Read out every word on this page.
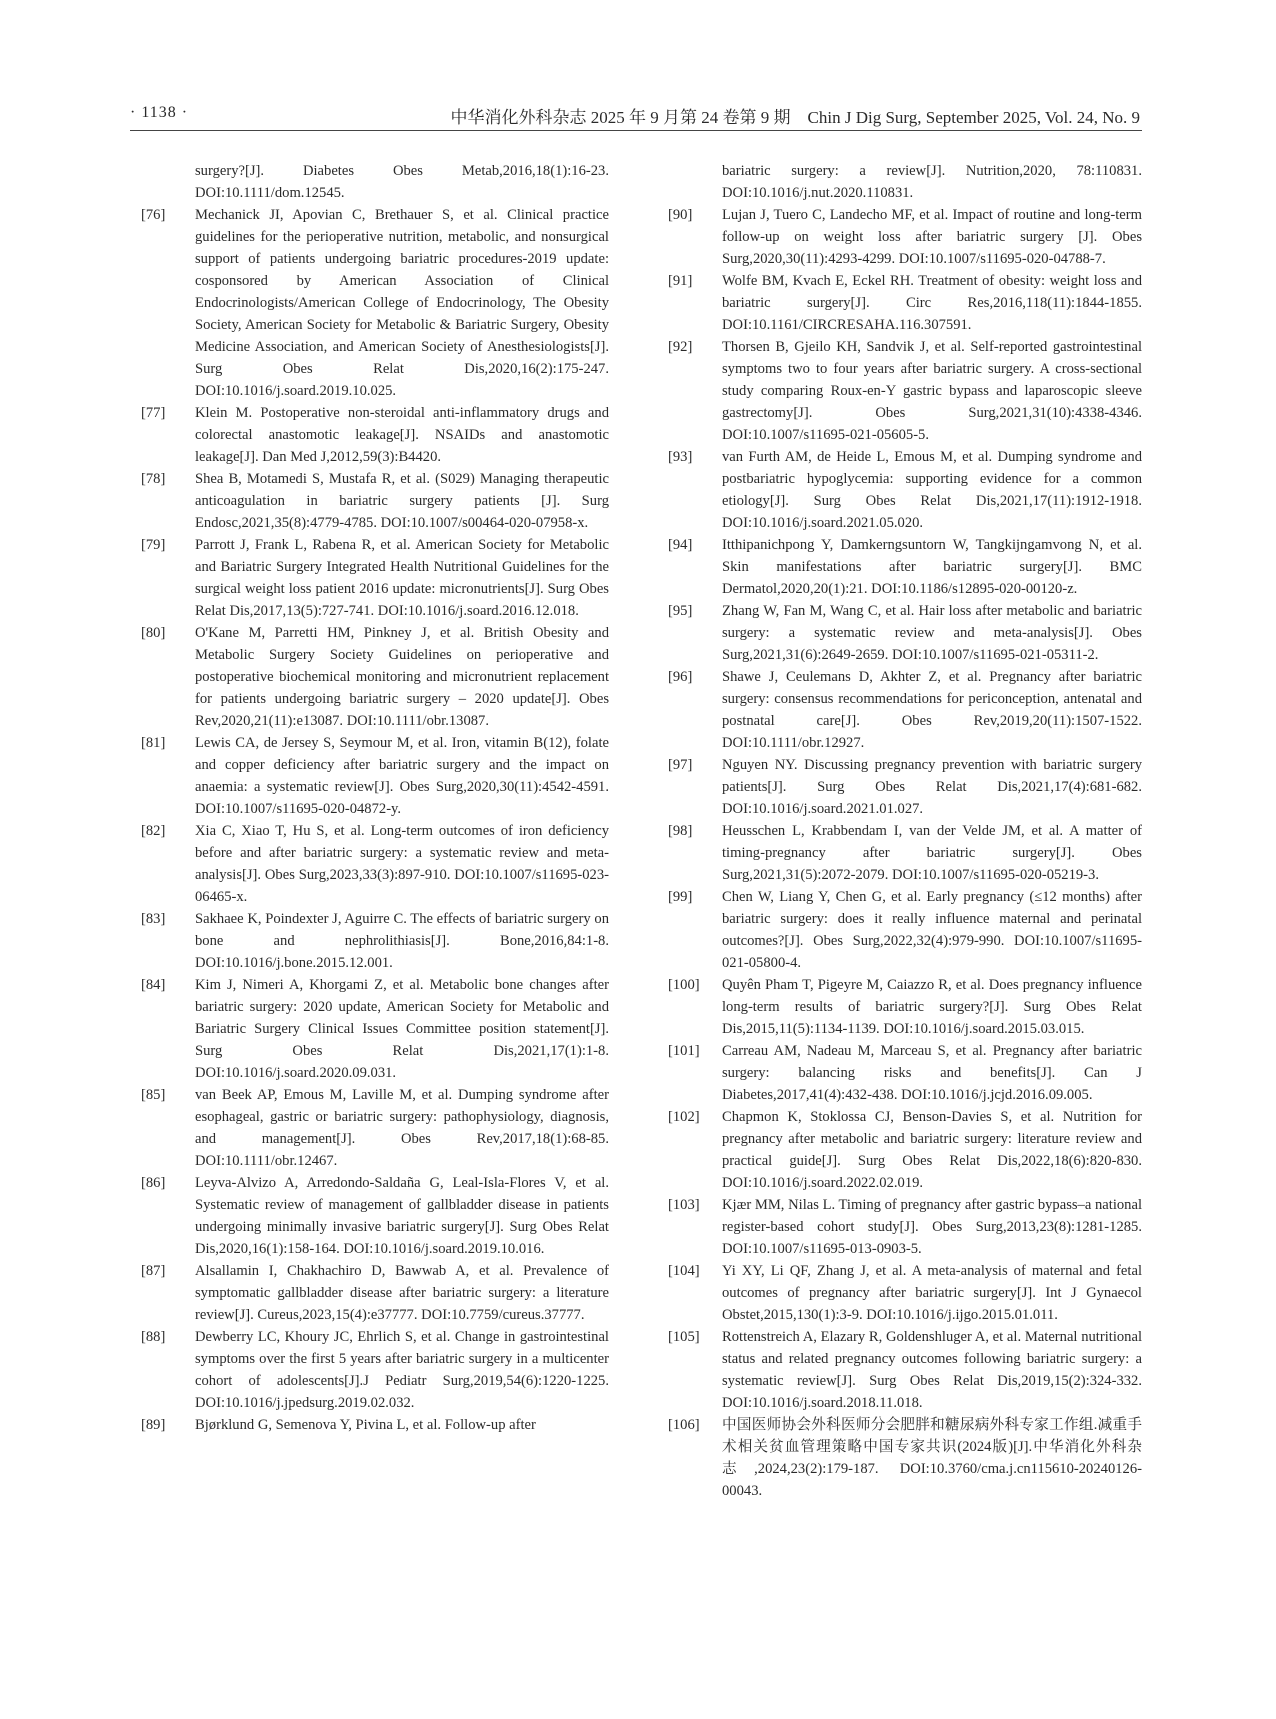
· 1138 ·	中华消化外科杂志 2025 年 9 月第 24 卷第 9 期　Chin J Dig Surg, September 2025, Vol. 24, No. 9
surgery?[J]. Diabetes Obes Metab,2016,18(1):16-23. DOI:10.1111/dom.12545.
[76] Mechanick JI, Apovian C, Brethauer S, et al. Clinical practice guidelines for the perioperative nutrition, metabolic, and nonsurgical support of patients undergoing bariatric procedures-2019 update: cosponsored by American Association of Clinical Endocrinologists/American College of Endocrinology, The Obesity Society, American Society for Metabolic & Bariatric Surgery, Obesity Medicine Association, and American Society of Anesthesiologists[J]. Surg Obes Relat Dis,2020,16(2):175-247. DOI:10.1016/j.soard.2019.10.025.
[77] Klein M. Postoperative non-steroidal anti-inflammatory drugs and colorectal anastomotic leakage[J]. NSAIDs and anastomotic leakage[J]. Dan Med J,2012,59(3):B4420.
[78] Shea B, Motamedi S, Mustafa R, et al. (S029) Managing therapeutic anticoagulation in bariatric surgery patients [J]. Surg Endosc,2021,35(8):4779-4785. DOI:10.1007/s00464-020-07958-x.
[79] Parrott J, Frank L, Rabena R, et al. American Society for Metabolic and Bariatric Surgery Integrated Health Nutritional Guidelines for the surgical weight loss patient 2016 update: micronutrients[J]. Surg Obes Relat Dis,2017,13(5):727-741. DOI:10.1016/j.soard.2016.12.018.
[80] O'Kane M, Parretti HM, Pinkney J, et al. British Obesity and Metabolic Surgery Society Guidelines on perioperative and postoperative biochemical monitoring and micronutrient replacement for patients undergoing bariatric surgery – 2020 update[J]. Obes Rev,2020,21(11):e13087. DOI:10.1111/obr.13087.
[81] Lewis CA, de Jersey S, Seymour M, et al. Iron, vitamin B(12), folate and copper deficiency after bariatric surgery and the impact on anaemia: a systematic review[J]. Obes Surg,2020,30(11):4542-4591. DOI:10.1007/s11695-020-04872-y.
[82] Xia C, Xiao T, Hu S, et al. Long-term outcomes of iron deficiency before and after bariatric surgery: a systematic review and meta-analysis[J]. Obes Surg,2023,33(3):897-910. DOI:10.1007/s11695-023-06465-x.
[83] Sakhaee K, Poindexter J, Aguirre C. The effects of bariatric surgery on bone and nephrolithiasis[J]. Bone,2016,84:1-8. DOI:10.1016/j.bone.2015.12.001.
[84] Kim J, Nimeri A, Khorgami Z, et al. Metabolic bone changes after bariatric surgery: 2020 update, American Society for Metabolic and Bariatric Surgery Clinical Issues Committee position statement[J]. Surg Obes Relat Dis,2021,17(1):1-8. DOI:10.1016/j.soard.2020.09.031.
[85] van Beek AP, Emous M, Laville M, et al. Dumping syndrome after esophageal, gastric or bariatric surgery: pathophysiology, diagnosis, and management[J]. Obes Rev,2017,18(1):68-85. DOI:10.1111/obr.12467.
[86] Leyva-Alvizo A, Arredondo-Saldaña G, Leal-Isla-Flores V, et al. Systematic review of management of gallbladder disease in patients undergoing minimally invasive bariatric surgery[J]. Surg Obes Relat Dis,2020,16(1):158-164. DOI:10.1016/j.soard.2019.10.016.
[87] Alsallamin I, Chakhachiro D, Bawwab A, et al. Prevalence of symptomatic gallbladder disease after bariatric surgery: a literature review[J]. Cureus,2023,15(4):e37777. DOI:10.7759/cureus.37777.
[88] Dewberry LC, Khoury JC, Ehrlich S, et al. Change in gastrointestinal symptoms over the first 5 years after bariatric surgery in a multicenter cohort of adolescents[J].J Pediatr Surg,2019,54(6):1220-1225. DOI:10.1016/j.jpedsurg.2019.02.032.
[89] Bjørklund G, Semenova Y, Pivina L, et al. Follow-up after
bariatric surgery: a review[J]. Nutrition,2020, 78:110831. DOI:10.1016/j.nut.2020.110831.
[90] Lujan J, Tuero C, Landecho MF, et al. Impact of routine and long-term follow-up on weight loss after bariatric surgery [J]. Obes Surg,2020,30(11):4293-4299. DOI:10.1007/s11695-020-04788-7.
[91] Wolfe BM, Kvach E, Eckel RH. Treatment of obesity: weight loss and bariatric surgery[J]. Circ Res,2016,118(11):1844-1855. DOI:10.1161/CIRCRESAHA.116.307591.
[92] Thorsen B, Gjeilo KH, Sandvik J, et al. Self-reported gastrointestinal symptoms two to four years after bariatric surgery. A cross-sectional study comparing Roux-en-Y gastric bypass and laparoscopic sleeve gastrectomy[J]. Obes Surg,2021,31(10):4338-4346. DOI:10.1007/s11695-021-05605-5.
[93] van Furth AM, de Heide L, Emous M, et al. Dumping syndrome and postbariatric hypoglycemia: supporting evidence for a common etiology[J]. Surg Obes Relat Dis,2021,17(11):1912-1918. DOI:10.1016/j.soard.2021.05.020.
[94] Itthipanichpong Y, Damkerngsuntorn W, Tangkijngamvong N, et al. Skin manifestations after bariatric surgery[J]. BMC Dermatol,2020,20(1):21. DOI:10.1186/s12895-020-00120-z.
[95] Zhang W, Fan M, Wang C, et al. Hair loss after metabolic and bariatric surgery: a systematic review and meta-analysis[J]. Obes Surg,2021,31(6):2649-2659. DOI:10.1007/s11695-021-05311-2.
[96] Shawe J, Ceulemans D, Akhter Z, et al. Pregnancy after bariatric surgery: consensus recommendations for periconception, antenatal and postnatal care[J]. Obes Rev,2019,20(11):1507-1522. DOI:10.1111/obr.12927.
[97] Nguyen NY. Discussing pregnancy prevention with bariatric surgery patients[J]. Surg Obes Relat Dis,2021,17(4):681-682. DOI:10.1016/j.soard.2021.01.027.
[98] Heusschen L, Krabbendam I, van der Velde JM, et al. A matter of timing-pregnancy after bariatric surgery[J]. Obes Surg,2021,31(5):2072-2079. DOI:10.1007/s11695-020-05219-3.
[99] Chen W, Liang Y, Chen G, et al. Early pregnancy (≤12 months) after bariatric surgery: does it really influence maternal and perinatal outcomes?[J]. Obes Surg,2022,32(4):979-990. DOI:10.1007/s11695-021-05800-4.
[100] Quyên Pham T, Pigeyre M, Caiazzo R, et al. Does pregnancy influence long-term results of bariatric surgery?[J]. Surg Obes Relat Dis,2015,11(5):1134-1139. DOI:10.1016/j.soard.2015.03.015.
[101] Carreau AM, Nadeau M, Marceau S, et al. Pregnancy after bariatric surgery: balancing risks and benefits[J]. Can J Diabetes,2017,41(4):432-438. DOI:10.1016/j.jcjd.2016.09.005.
[102] Chapmon K, Stoklossa CJ, Benson-Davies S, et al. Nutrition for pregnancy after metabolic and bariatric surgery: literature review and practical guide[J]. Surg Obes Relat Dis,2022,18(6):820-830. DOI:10.1016/j.soard.2022.02.019.
[103] Kjær MM, Nilas L. Timing of pregnancy after gastric bypass–a national register-based cohort study[J]. Obes Surg,2013,23(8):1281-1285. DOI:10.1007/s11695-013-0903-5.
[104] Yi XY, Li QF, Zhang J, et al. A meta-analysis of maternal and fetal outcomes of pregnancy after bariatric surgery[J]. Int J Gynaecol Obstet,2015,130(1):3-9. DOI:10.1016/j.ijgo.2015.01.011.
[105] Rottenstreich A, Elazary R, Goldenshluger A, et al. Maternal nutritional status and related pregnancy outcomes following bariatric surgery: a systematic review[J]. Surg Obes Relat Dis,2019,15(2):324-332. DOI:10.1016/j.soard.2018.11.018.
[106] 中国医师协会外科医师分会肥胖和糖尿病外科专家工作组.减重手术相关贫血管理策略中国专家共识(2024版)[J].中华消化外科杂志,2024,23(2):179-187. DOI:10.3760/cma.j.cn115610-20240126-00043.
